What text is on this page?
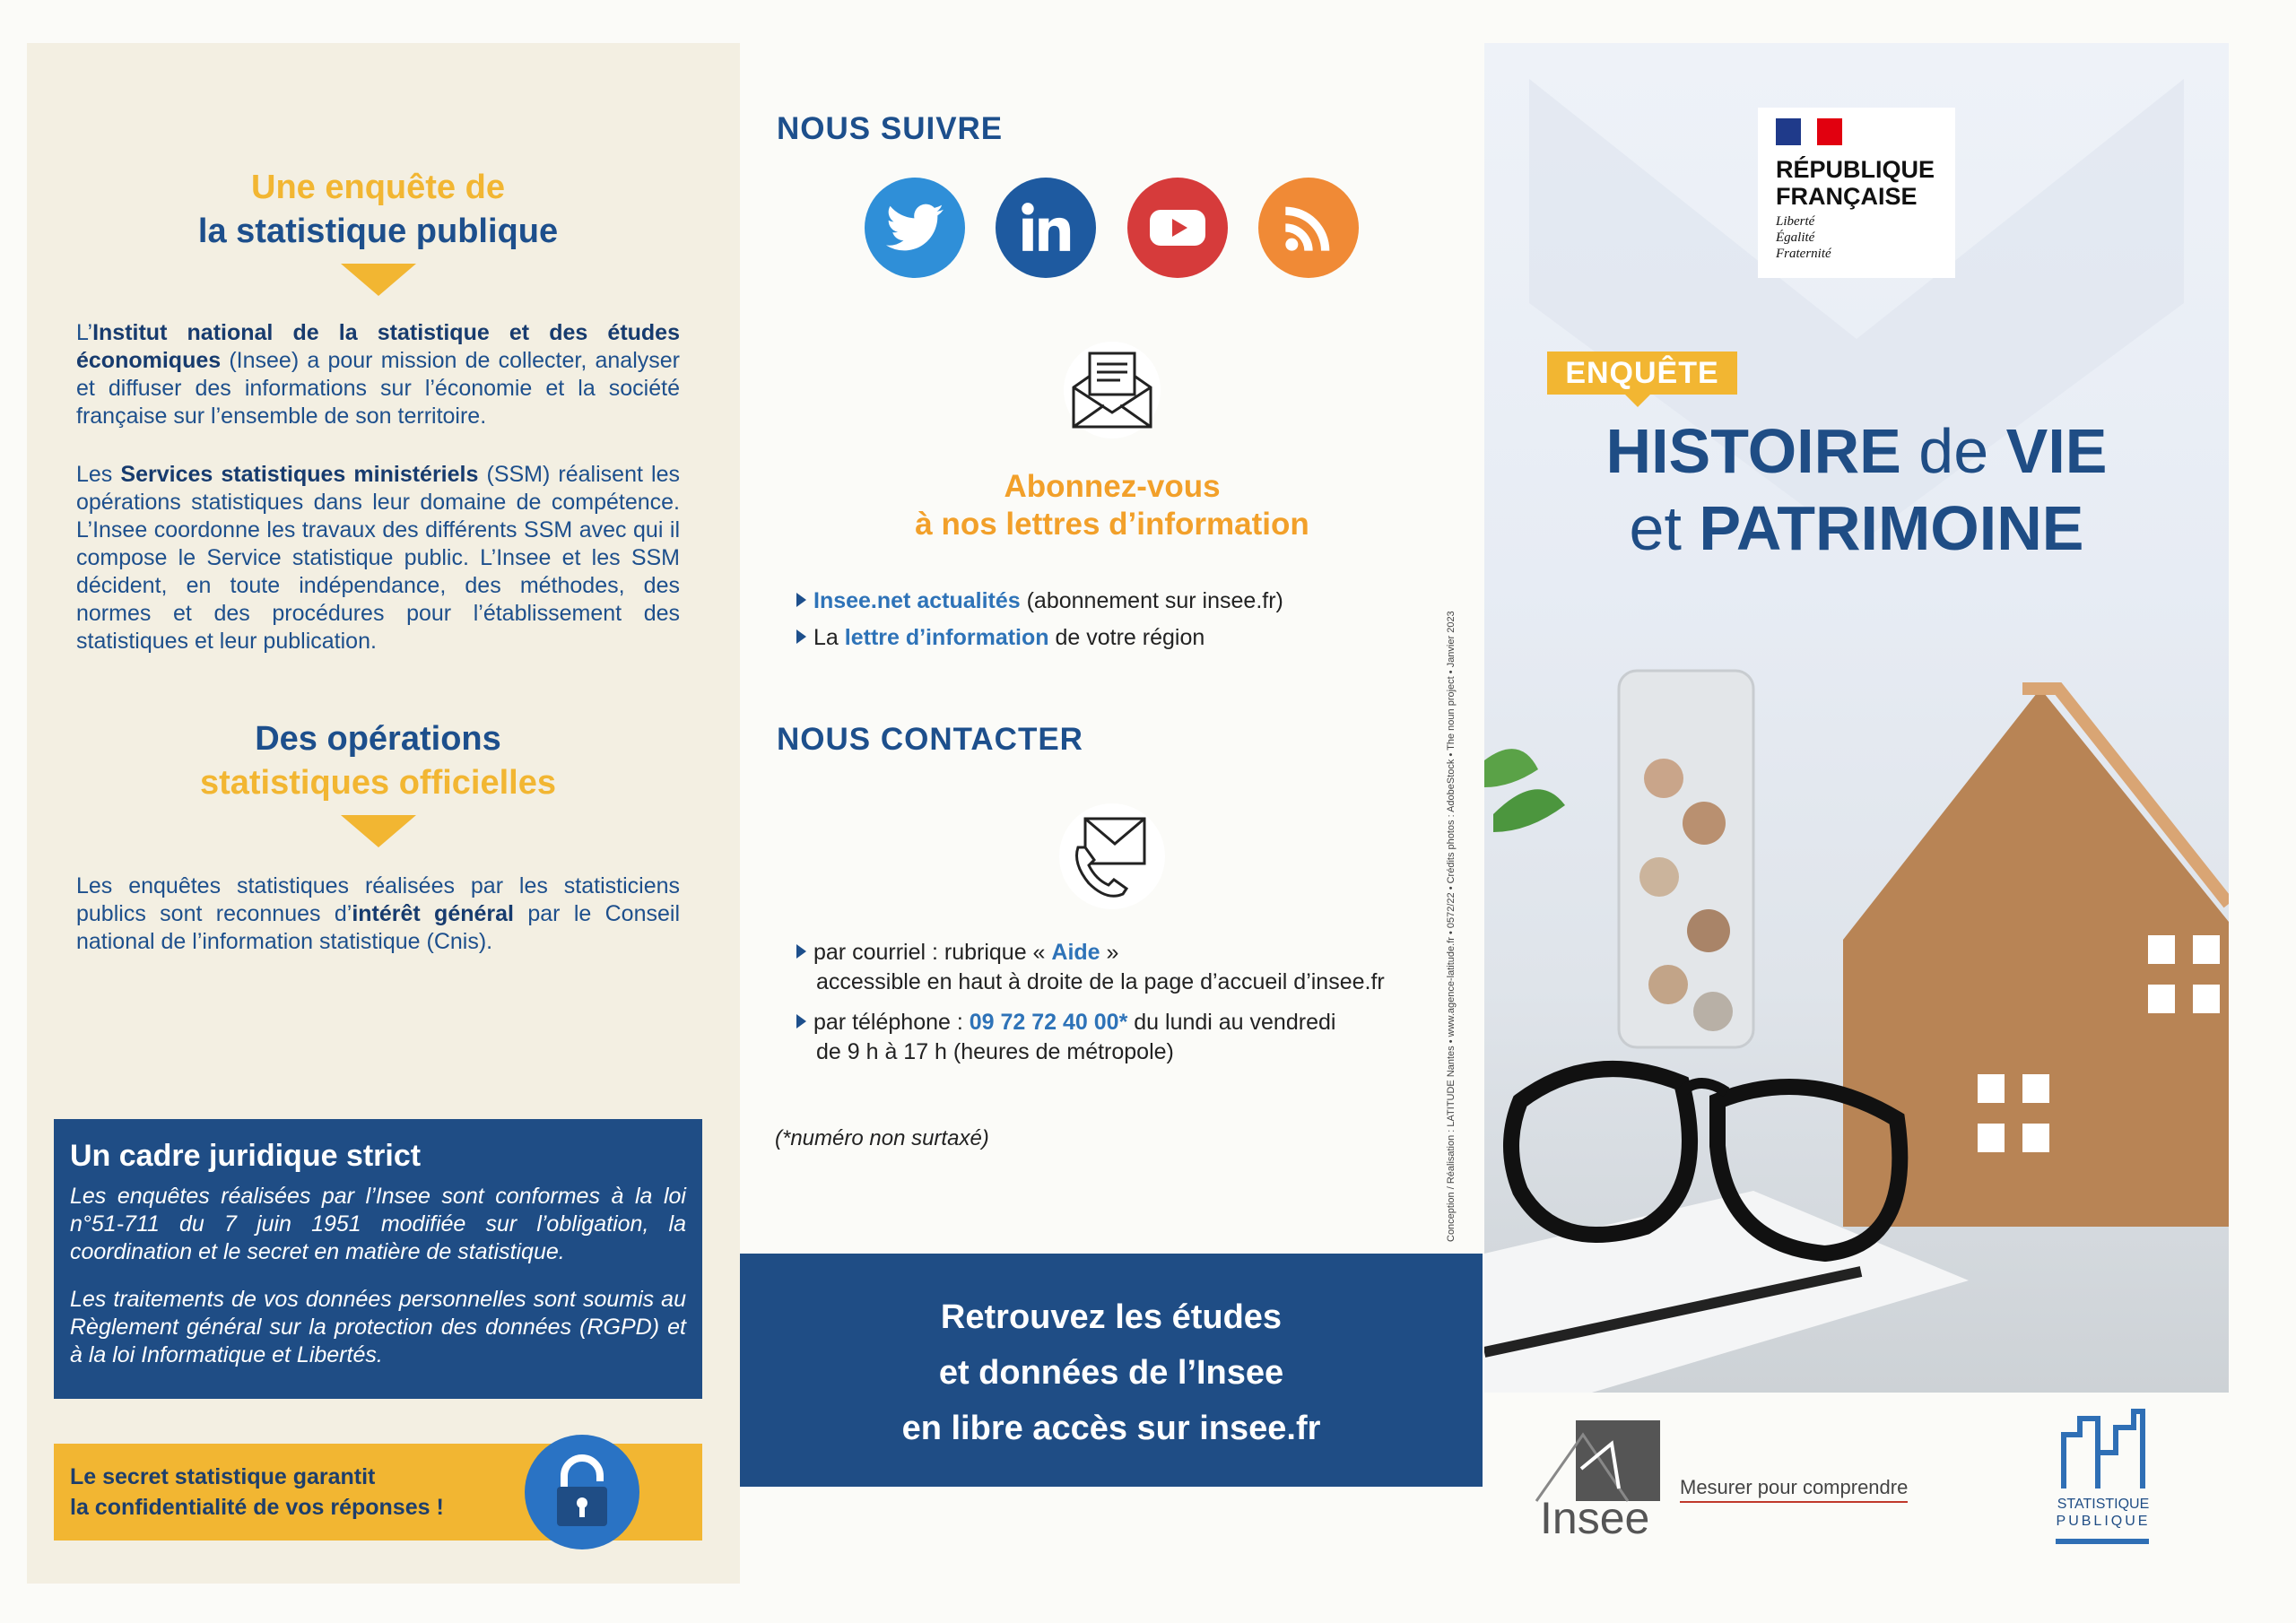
Une enquête de
la statistique publique
L’Institut national de la statistique et des études économiques (Insee) a pour mission de collecter, analyser et diffuser des informations sur l’économie et la société française sur l’ensemble de son territoire.
Les Services statistiques ministériels (SSM) réalisent les opérations statistiques dans leur domaine de compétence. L’Insee coordonne les travaux des différents SSM avec qui il compose le Service statistique public. L’Insee et les SSM décident, en toute indépendance, des méthodes, des normes et des procédures pour l’établissement des statistiques et leur publication.
Des opérations
statistiques officielles
Les enquêtes statistiques réalisées par les statisticiens publics sont reconnues d’intérêt général par le Conseil national de l’information statistique (Cnis).
Un cadre juridique strict

Les enquêtes réalisées par l’Insee sont conformes à la loi n°51-711 du 7 juin 1951 modifiée sur l’obligation, la coordination et le secret en matière de statistique.

Les traitements de vos données personnelles sont soumis au Règlement général sur la protection des données (RGPD) et à la loi Informatique et Libertés.

Le secret statistique garantit
la confidentialité de vos réponses !
NOUS SUIVRE
Abonnez-vous
à nos lettres d’information
Insee.net actualités (abonnement sur insee.fr)
La lettre d’information de votre région
NOUS CONTACTER
par courriel : rubrique « Aide »
accessible en haut à droite de la page d’accueil d’insee.fr
par téléphone : 09 72 72 40 00* du lundi au vendredi
de 9 h à 17 h (heures de métropole)
(*numéro non surtaxé)
Retrouvez les études
et données de l’Insee
en libre accès sur insee.fr
Conception / Réalisation : LATITUDE Nantes • www.agence-latitude.fr • 0572/22 • Crédits photos : AdobeStock • The noun project • Janvier 2023
RÉPUBLIQUE
FRANÇAISE
Liberté
Égalité
Fraternité
ENQUÊTE
HISTOIRE de VIE
et PATRIMOINE
Insee
Mesurer pour comprendre
STATISTIQUE
PUBLIQUE
